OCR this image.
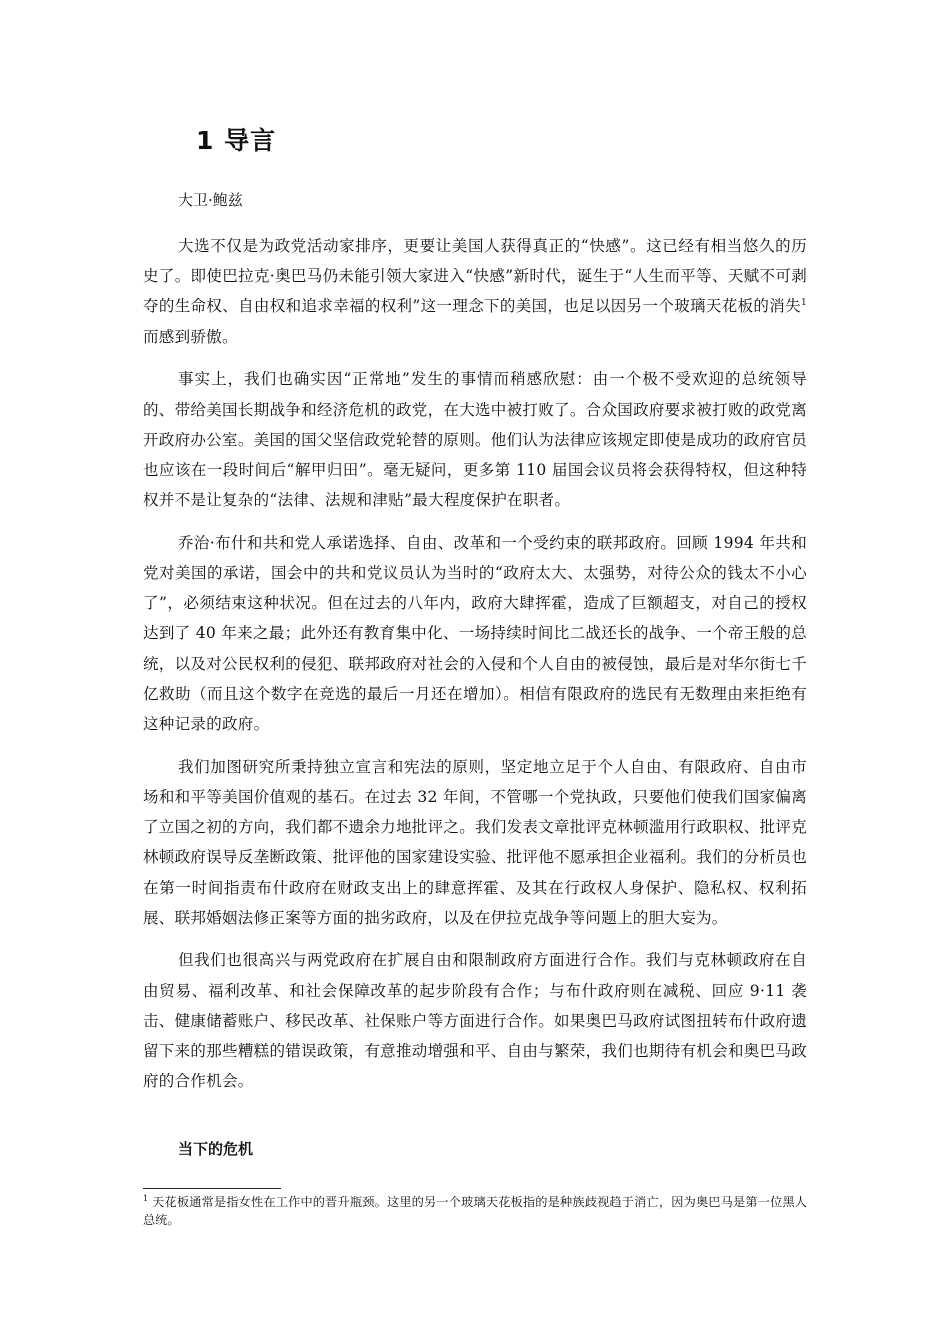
1 导言

大卫·鲍兹

大选不仅是为政党活动家排序，更要让美国人获得真正的“快感”。这已经有相当悠久的历史了。即使巴拉克·奥巴马仍未能引领大家进入“快感”新时代，诞生于“人生而平等、天赋不可剥夺的生命权、自由权和追求幸福的权利”这一理念下的美国，也足以因另一个玻璃天花板的消失$^1$而感到骄傲。

事实上，我们也确实因“正常地”发生的事情而稍感欣慰：由一个极不受欢迎的总统领导的、带给美国长期战争和经济危机的政党，在大选中被打败了。合众国政府要求被打败的政党离开政府办公室。美国的国父坚信政党轮替的原则。他们认为法律应该规定即使是成功的政府官员也应该在一段时间后“解甲归田”。毫无疑问，更多第 110 届国会议员将会获得特权，但这种特权并不是让复杂的“法律、法规和津贴”最大程度保护在职者。

乔治·布什和共和党人承诺选择、自由、改革和一个受约束的联邦政府。回顾 1994 年共和党对美国的承诺，国会中的共和党议员认为当时的“政府太大、太强势，对待公众的钱太不小心了”，必须结束这种状况。但在过去的八年内，政府大肆挥霍，造成了巨额超支，对自己的授权达到了 40 年来之最；此外还有教育集中化、一场持续时间比二战还长的战争、一个帝王般的总统，以及对公民权利的侵犯、联邦政府对社会的入侵和个人自由的被侵蚀，最后是对华尔街七千亿救助（而且这个数字在竞选的最后一月还在增加）。相信有限政府的选民有无数理由来拒绝有这种记录的政府。

我们加图研究所秉持独立宣言和宪法的原则，坚定地立足于个人自由、有限政府、自由市场和和平等美国价值观的基石。在过去 32 年间，不管哪一个党执政，只要他们使我们国家偏离了立国之初的方向，我们都不遗余力地批评之。我们发表文章批评克林顿滥用行政职权、批评克林顿政府误导反垄断政策、批评他的国家建设实验、批评他不愿承担企业福利。我们的分析员也在第一时间指责布什政府在财政支出上的肆意挥霍、及其在行政权人身保护、隐私权、权利拓展、联邦婚姻法修正案等方面的拙劣政府，以及在伊拉克战争等问题上的胆大妄为。

但我们也很高兴与两党政府在扩展自由和限制政府方面进行合作。我们与克林顿政府在自由贸易、福利改革、和社会保障改革的起步阶段有合作；与布什政府则在减税、回应 9·11 袭击、健康储蓄账户、移民改革、社保账户等方面进行合作。如果奥巴马政府试图扭转布什政府遗留下来的那些糟糕的错误政策，有意推动增强和平、自由与繁荣，我们也期待有机会和奥巴马政府的合作机会。

当下的危机

$^1$ 天花板通常是指女性在工作中的晋升瓶颈。这里的另一个玻璃天花板指的是种族歧视趋于消亡，因为奥巴马是第一位黑人总统。
